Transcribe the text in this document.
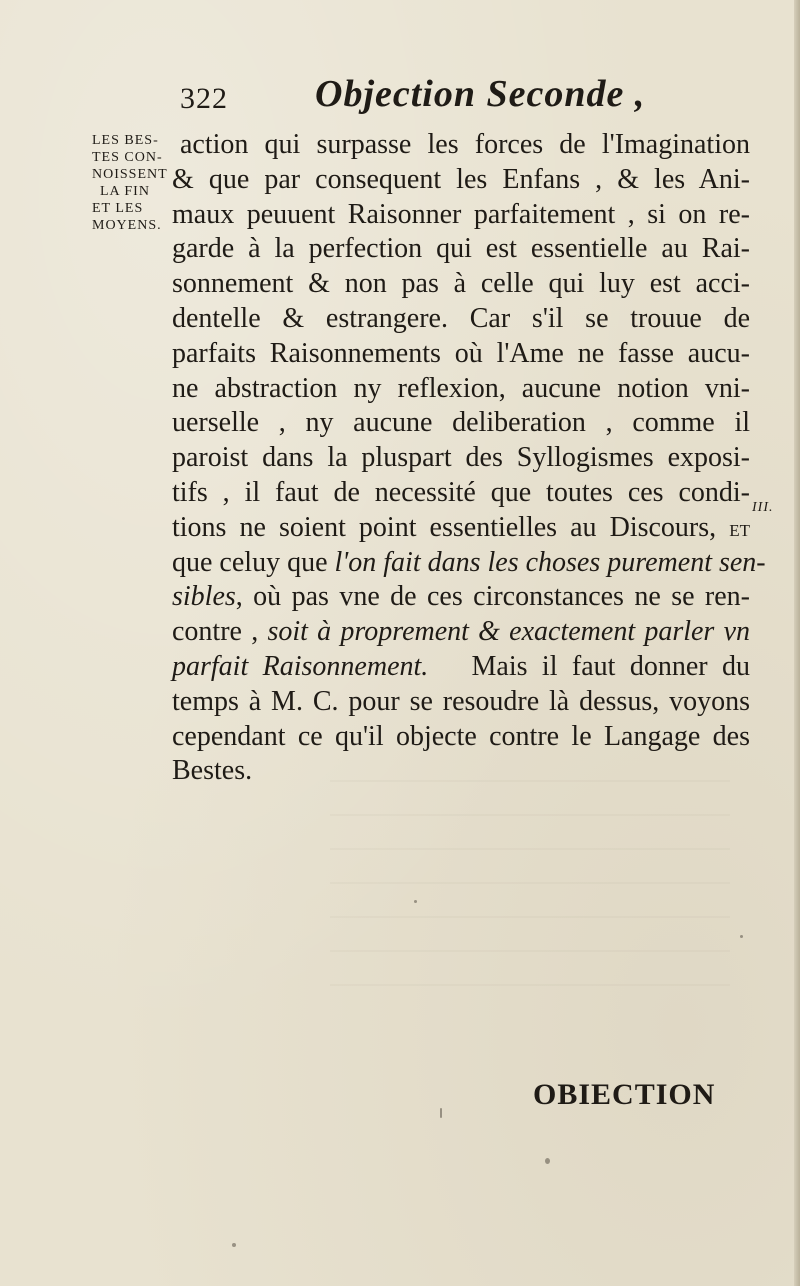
322 Objection Seconde ,
LES BES-
TES CON-
NOISSENT
LA FIN
ET LES
MOYENS.
action qui surpasse les forces de l'Imagination
& que par consequent les Enfans , & les Ani-
maux peuuent Raisonner parfaitement , si on re-
garde à la perfection qui est essentielle au Rai-
sonnement & non pas à celle qui luy est acci-
dentelle & estrangere. Car s'il se trouue de
parfaits Raisonnements où l'Ame ne fasse aucu-
ne abstraction ny reflexion, aucune notion vni-
uerselle , ny aucune deliberation , comme il
paroist dans la pluspart des Syllogismes exposi-
tifs , il faut de necessité que toutes ces condi-
tions ne soient point essentielles au Discours, et
que celuy que l'on fait dans les choses purement sen-
sibles, où pas vne de ces circonstances ne se ren-
contre , soit à proprement & exactement parler vn
parfait Raisonnement. Mais il faut donner du
temps à M. C. pour se resoudre là dessus, voyons
cependant ce qu'il objecte contre le Langage des
Bestes.
III.
OBIECTION
